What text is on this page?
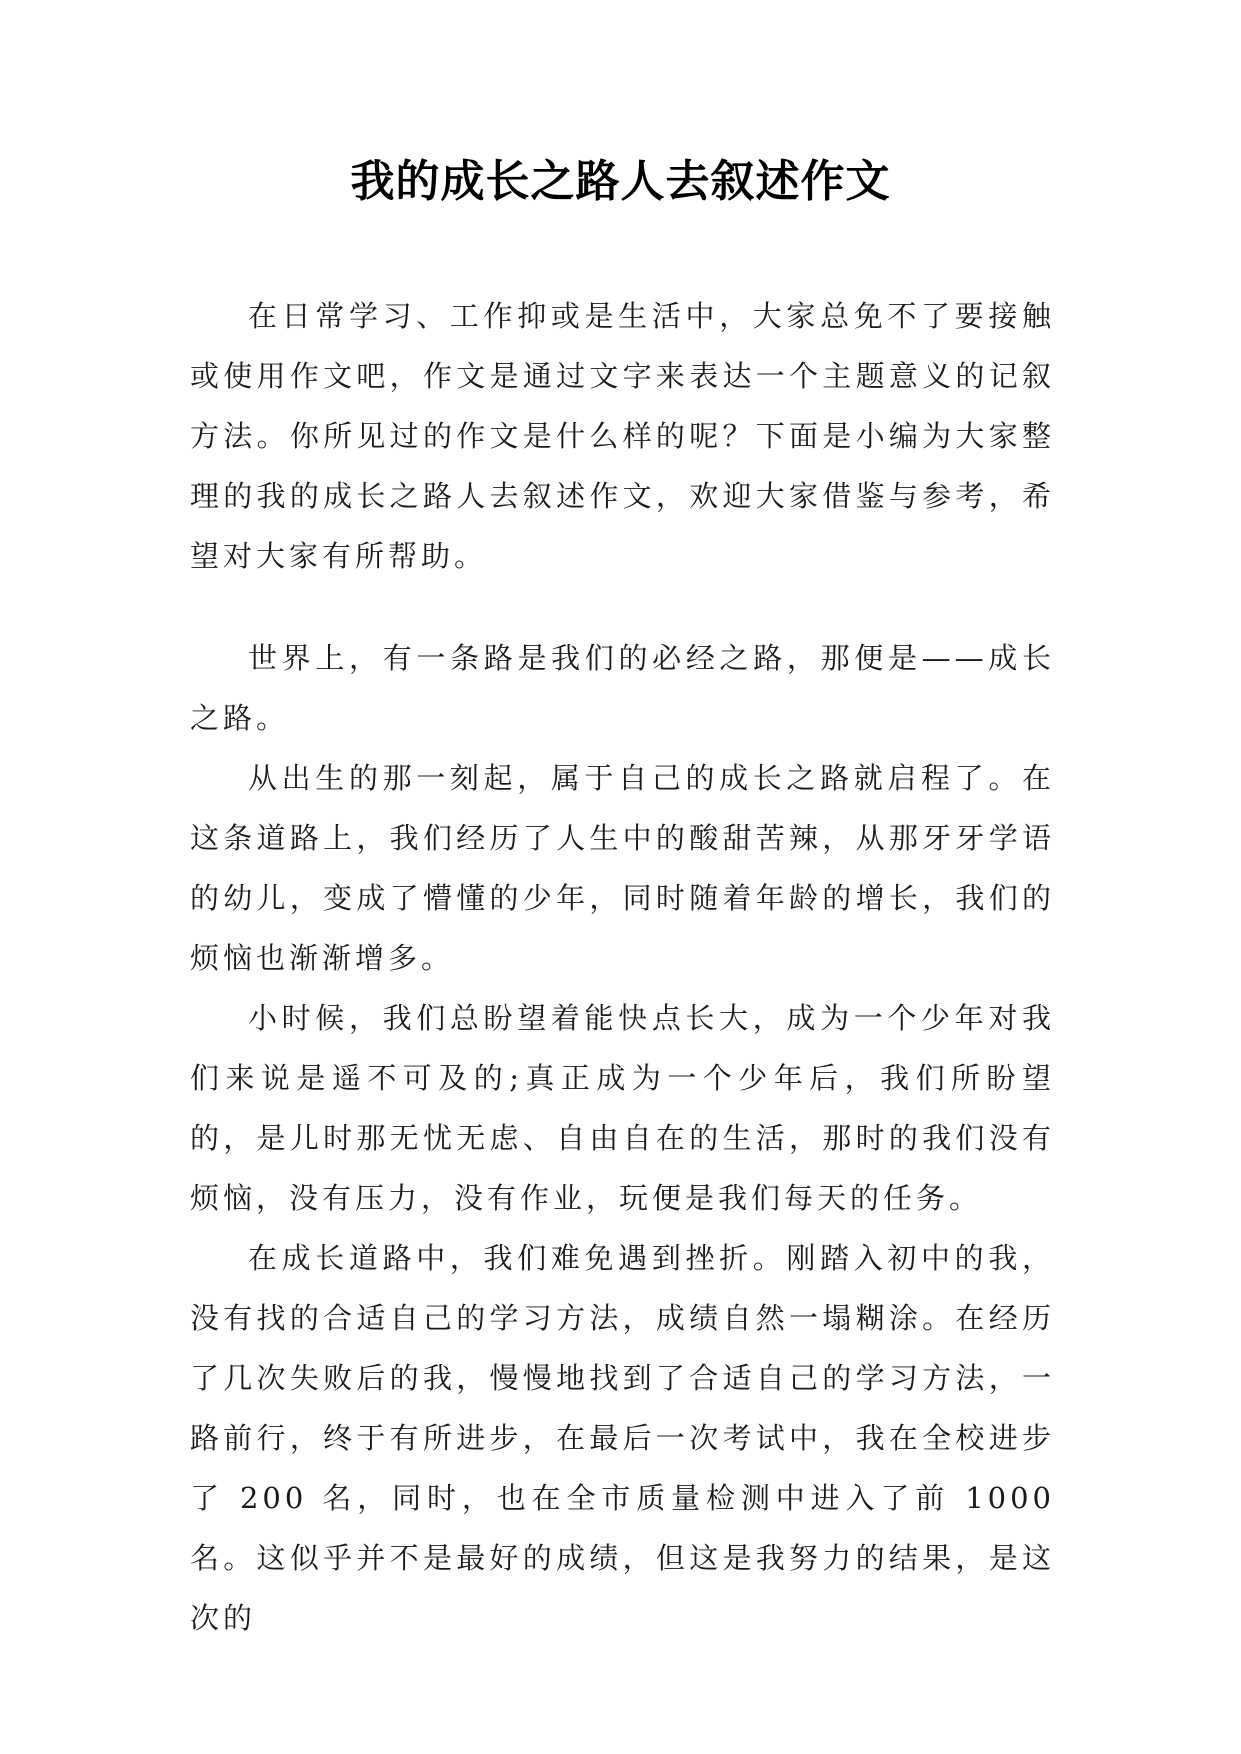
我的成长之路人去叙述作文

在日常学习、工作抑或是生活中，大家总免不了要接触或使用作文吧，作文是通过文字来表达一个主题意义的记叙方法。你所见过的作文是什么样的呢？下面是小编为大家整理的我的成长之路人去叙述作文，欢迎大家借鉴与参考，希望对大家有所帮助。

世界上，有一条路是我们的必经之路，那便是——成长之路。

从出生的那一刻起，属于自己的成长之路就启程了。在这条道路上，我们经历了人生中的酸甜苦辣，从那牙牙学语的幼儿，变成了懵懂的少年，同时随着年龄的增长，我们的烦恼也渐渐增多。

小时候，我们总盼望着能快点长大，成为一个少年对我们来说是遥不可及的;真正成为一个少年后，我们所盼望的，是儿时那无忧无虑、自由自在的生活，那时的我们没有烦恼，没有压力，没有作业，玩便是我们每天的任务。

在成长道路中，我们难免遇到挫折。刚踏入初中的我，没有找的合适自己的学习方法，成绩自然一塌糊涂。在经历了几次失败后的我，慢慢地找到了合适自己的学习方法，一路前行，终于有所进步，在最后一次考试中，我在全校进步了 200 名，同时，也在全市质量检测中进入了前 1000 名。这似乎并不是最好的成绩，但这是我努力的结果，是这次的
